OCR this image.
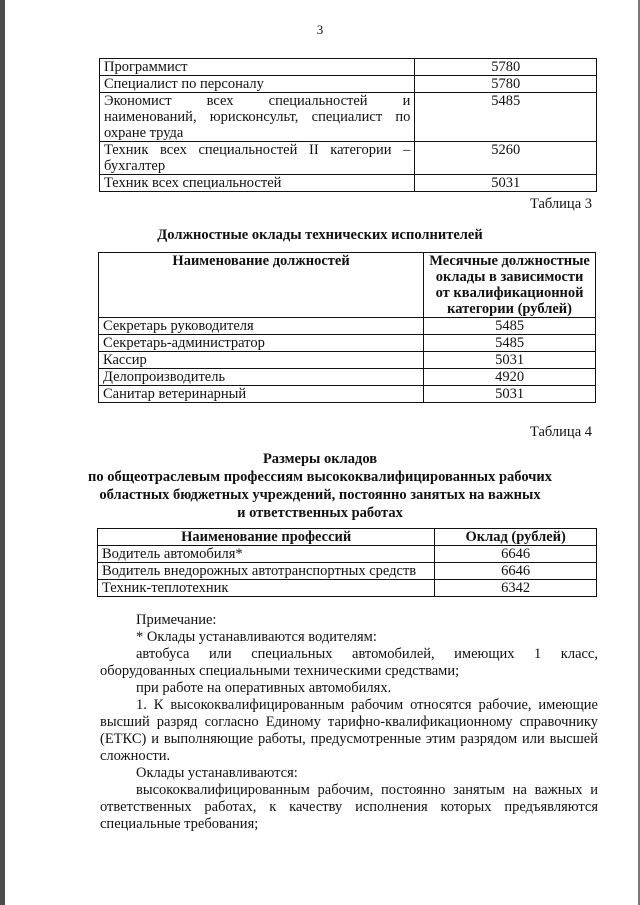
3
Программист	5780
Специалист по персоналу	5780
Экономист всех специальностей и наименований, юрисконсульт, специалист по охране труда	5485
Техник всех специальностей II категории – бухгалтер	5260
Техник всех специальностей	5031
Таблица 3
Должностные оклады технических исполнителей
Наименование должностей	Месячные должностные оклады в зависимости от квалификационной категории (рублей)
Секретарь руководителя	5485
Секретарь-администратор	5485
Кассир	5031
Делопроизводитель	4920
Санитар ветеринарный	5031
Таблица 4
Размеры окладов
по общеотраслевым профессиям высококвалифицированных рабочих
областных бюджетных учреждений, постоянно занятых на важных
и ответственных работах
Наименование профессий	Оклад (рублей)
Водитель автомобиля*	6646
Водитель внедорожных автотранспортных средств	6646
Техник-теплотехник	6342

Примечание:

* Оклады устанавливаются водителям:

автобуса или специальных автомобилей, имеющих 1 класс, оборудованных специальными техническими средствами;

при работе на оперативных автомобилях.

1. К высококвалифицированным рабочим относятся рабочие, имеющие высший разряд согласно Единому тарифно-квалификационному справочнику (ЕТКС) и выполняющие работы, предусмотренные этим разрядом или высшей сложности.

Оклады устанавливаются:

высококвалифицированным рабочим, постоянно занятым на важных и ответственных работах, к качеству исполнения которых предъявляются специальные требования;
